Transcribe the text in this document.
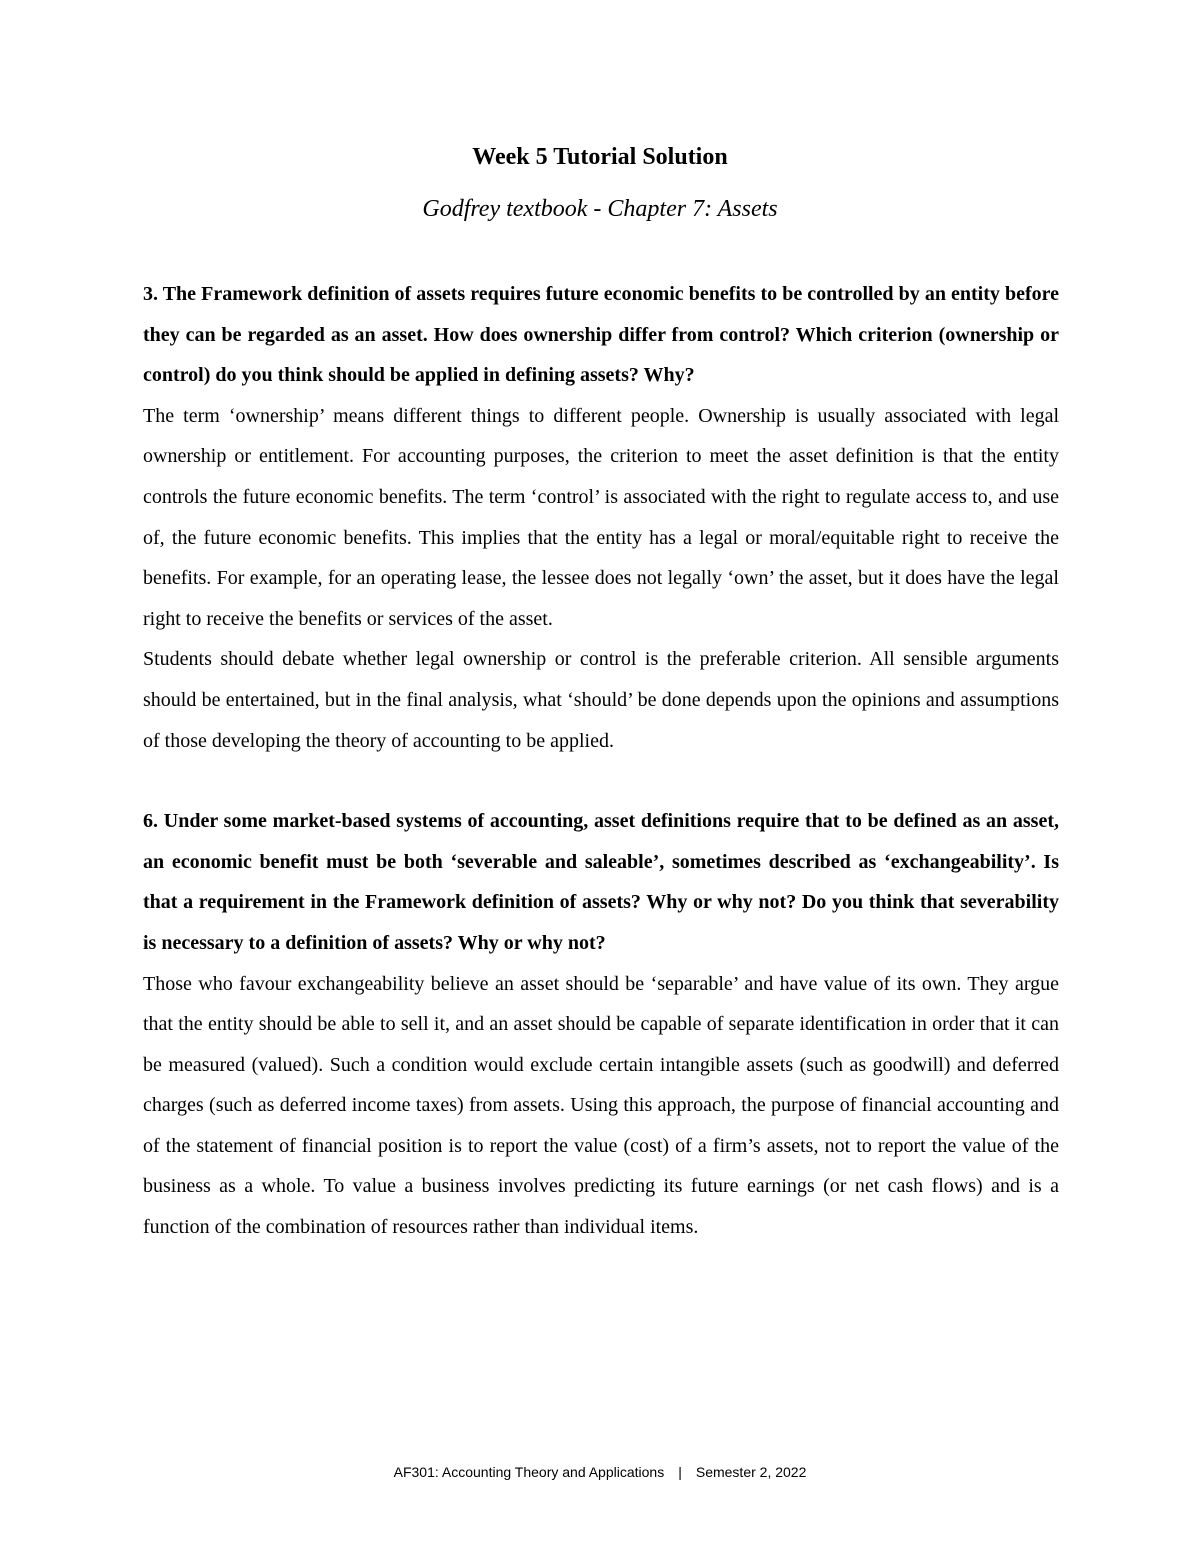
Week 5 Tutorial Solution
Godfrey textbook - Chapter 7: Assets

3. The Framework definition of assets requires future economic benefits to be controlled by an entity before they can be regarded as an asset. How does ownership differ from control? Which criterion (ownership or control) do you think should be applied in defining assets? Why?

The term ‘ownership’ means different things to different people. Ownership is usually associated with legal ownership or entitlement. For accounting purposes, the criterion to meet the asset definition is that the entity controls the future economic benefits. The term ‘control’ is associated with the right to regulate access to, and use of, the future economic benefits. This implies that the entity has a legal or moral/equitable right to receive the benefits. For example, for an operating lease, the lessee does not legally ‘own’ the asset, but it does have the legal right to receive the benefits or services of the asset.

Students should debate whether legal ownership or control is the preferable criterion. All sensible arguments should be entertained, but in the final analysis, what ‘should’ be done depends upon the opinions and assumptions of those developing the theory of accounting to be applied.

6. Under some market-based systems of accounting, asset definitions require that to be defined as an asset, an economic benefit must be both ‘severable and saleable’, sometimes described as ‘exchangeability’. Is that a requirement in the Framework definition of assets? Why or why not? Do you think that severability is necessary to a definition of assets? Why or why not?

Those who favour exchangeability believe an asset should be ‘separable’ and have value of its own. They argue that the entity should be able to sell it, and an asset should be capable of separate identification in order that it can be measured (valued). Such a condition would exclude certain intangible assets (such as goodwill) and deferred charges (such as deferred income taxes) from assets. Using this approach, the purpose of financial accounting and of the statement of financial position is to report the value (cost) of a firm’s assets, not to report the value of the business as a whole. To value a business involves predicting its future earnings (or net cash flows) and is a function of the combination of resources rather than individual items.

AF301: Accounting Theory and Applications | Semester 2, 2022
